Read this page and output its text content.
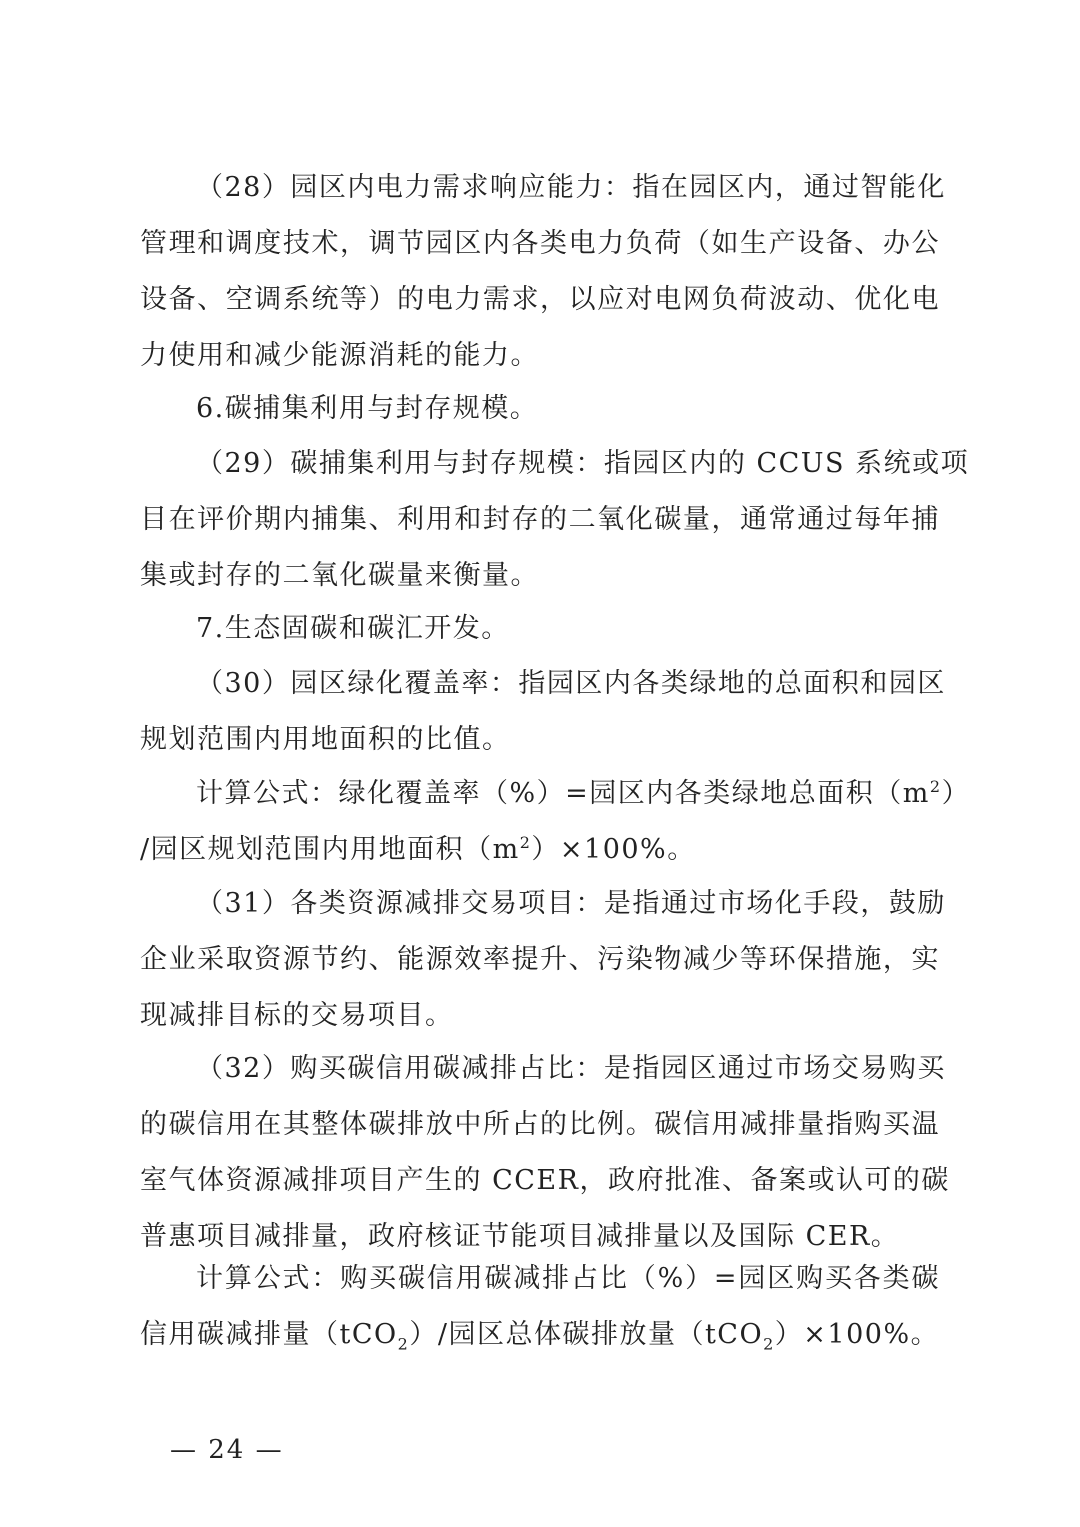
（28）园区内电力需求响应能力：指在园区内，通过智能化
管理和调度技术，调节园区内各类电力负荷（如生产设备、办公
设备、空调系统等）的电力需求，以应对电网负荷波动、优化电
力使用和减少能源消耗的能力。

6.碳捕集利用与封存规模。

（29）碳捕集利用与封存规模：指园区内的 CCUS 系统或项
目在评价期内捕集、利用和封存的二氧化碳量，通常通过每年捕
集或封存的二氧化碳量来衡量。

7.生态固碳和碳汇开发。

（30）园区绿化覆盖率：指园区内各类绿地的总面积和园区
规划范围内用地面积的比值。

计算公式：绿化覆盖率（%）=园区内各类绿地总面积$(m^2)$
/园区规划范围内用地面积$(m^2)\times 100\%$。

（31）各类资源减排交易项目：是指通过市场化手段，鼓励
企业采取资源节约、能源效率提升、污染物减少等环保措施，实
现减排目标的交易项目。

（32）购买碳信用碳减排占比：是指园区通过市场交易购买
的碳信用在其整体碳排放中所占的比例。碳信用减排量指购买温
室气体资源减排项目产生的 CCER，政府批准、备案或认可的碳
普惠项目减排量，政府核证节能项目减排量以及国际 CER。

计算公式：购买碳信用碳减排占比（%）=园区购买各类碳
信用碳减排量（tCO$_2$）/园区总体碳排放量（tCO$_2$）×100%。

— 24 —
